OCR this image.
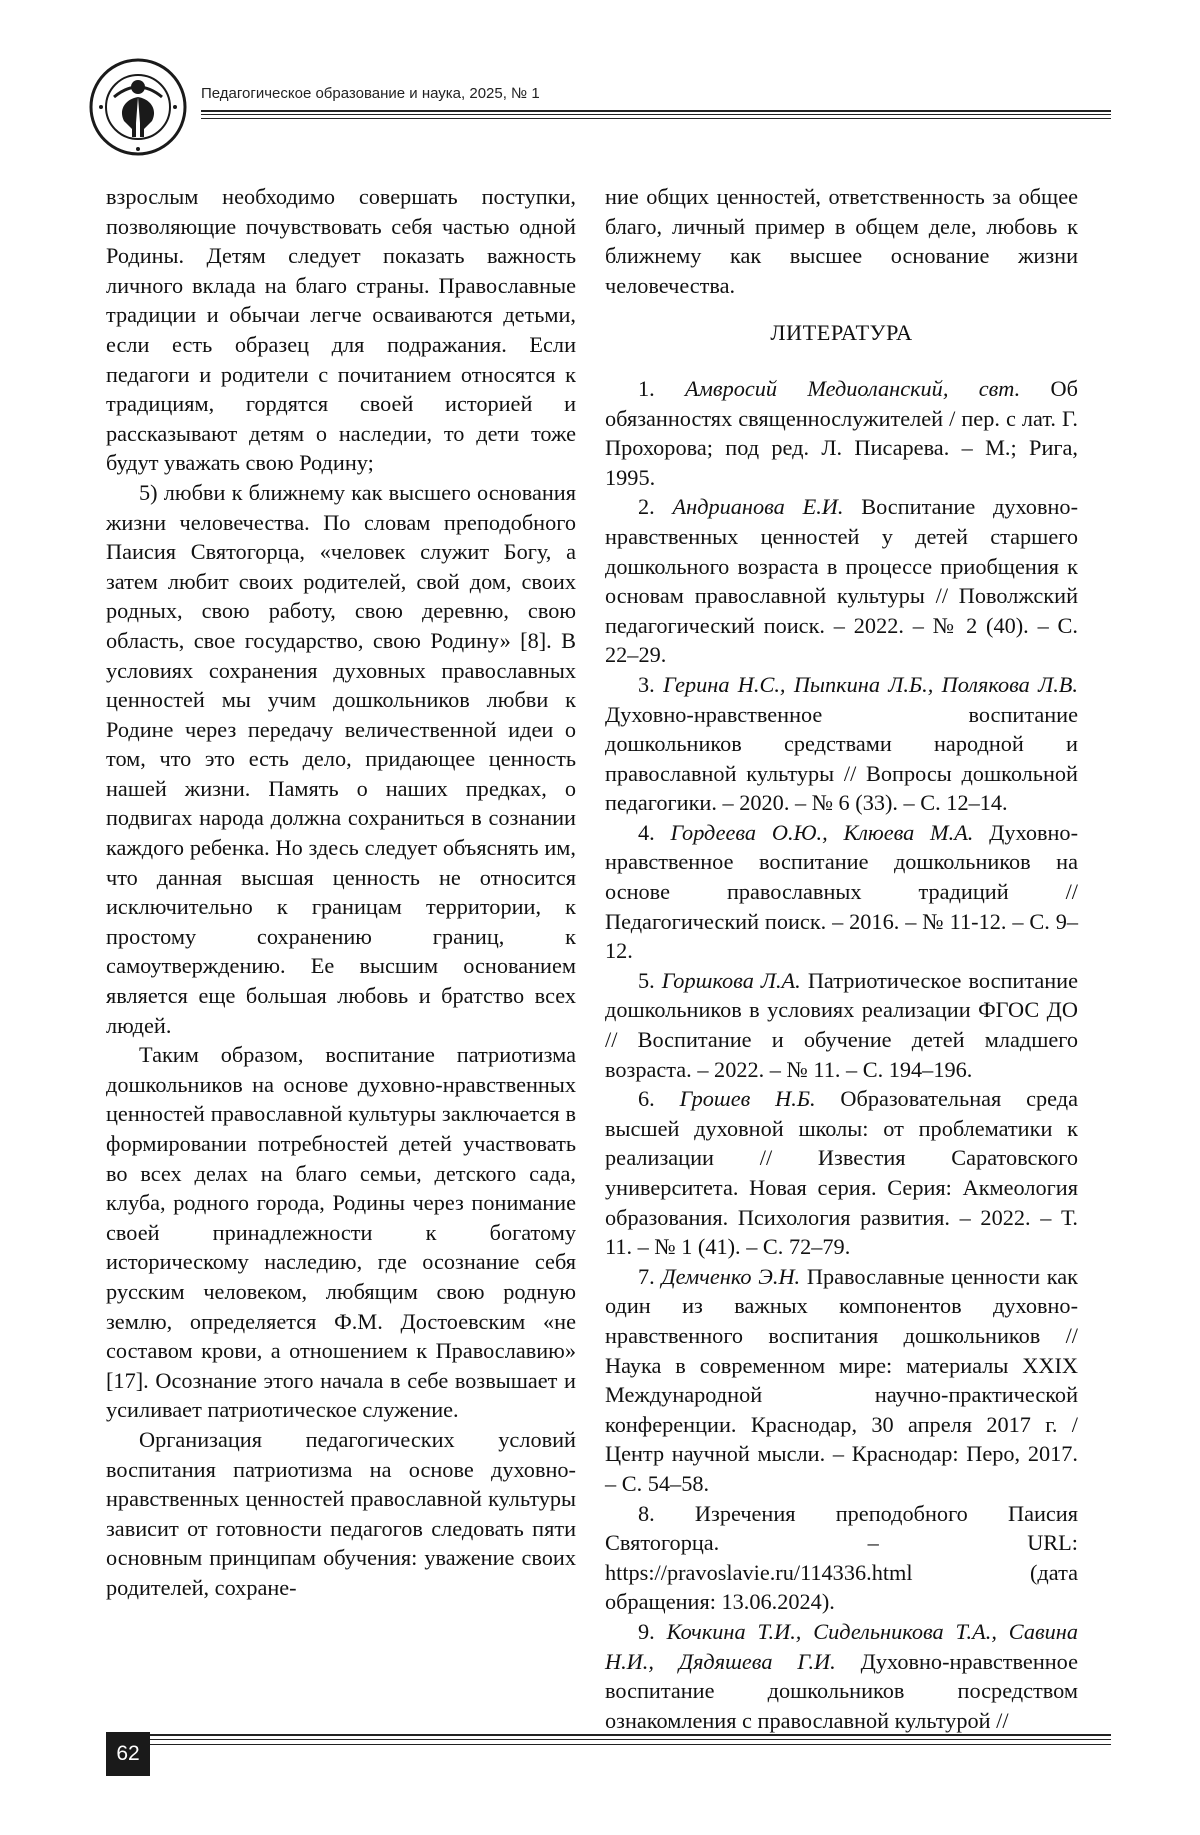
Педагогическое образование и наука, 2025, № 1

взрослым необходимо совершать поступки, позволяющие почувствовать себя частью одной Родины. Детям следует показать важность личного вклада на благо страны. Православные традиции и обычаи легче осваиваются детьми, если есть образец для подражания. Если педагоги и родители с почитанием относятся к традициям, гордятся своей историей и рассказывают детям о наследии, то дети тоже будут уважать свою Родину;

5) любви к ближнему как высшего основания жизни человечества. По словам преподобного Паисия Святогорца, «человек служит Богу, а затем любит своих родителей, свой дом, своих родных, свою работу, свою деревню, свою область, свое государство, свою Родину» [8]. В условиях сохранения духовных православных ценностей мы учим дошкольников любви к Родине через передачу величественной идеи о том, что это есть дело, придающее ценность нашей жизни. Память о наших предках, о подвигах народа должна сохраниться в сознании каждого ребенка. Но здесь следует объяснять им, что данная высшая ценность не относится исключительно к границам территории, к простому сохранению границ, к самоутверждению. Ее высшим основанием является еще большая любовь и братство всех людей.

Таким образом, воспитание патриотизма дошкольников на основе духовно-нравственных ценностей православной культуры заключается в формировании потребностей детей участвовать во всех делах на благо семьи, детского сада, клуба, родного города, Родины через понимание своей принадлежности к богатому историческому наследию, где осознание себя русским человеком, любящим свою родную землю, определяется Ф.М. Достоевским «не составом крови, а отношением к Православию» [17]. Осознание этого начала в себе возвышает и усиливает патриотическое служение.

Организация педагогических условий воспитания патриотизма на основе духовно-нравственных ценностей православной культуры зависит от готовности педагогов следовать пяти основным принципам обучения: уважение своих родителей, сохране-

ние общих ценностей, ответственность за общее благо, личный пример в общем деле, любовь к ближнему как высшее основание жизни человечества.

ЛИТЕРАТУРА

1. Амвросий Медиоланский, свт. Об обязанностях священнослужителей / пер. с лат. Г. Прохорова; под ред. Л. Писарева. – М.; Рига, 1995.

2. Андрианова Е.И. Воспитание духовно-нравственных ценностей у детей старшего дошкольного возраста в процессе приобщения к основам православной культуры // Поволжский педагогический поиск. – 2022. – № 2 (40). – С. 22–29.

3. Герина Н.С., Пыпкина Л.Б., Полякова Л.В. Духовно-нравственное воспитание дошкольников средствами народной и православной культуры // Вопросы дошкольной педагогики. – 2020. – № 6 (33). – С. 12–14.

4. Гордеева О.Ю., Клюева М.А. Духовно-нравственное воспитание дошкольников на основе православных традиций // Педагогический поиск. – 2016. – № 11-12. – С. 9–12.

5. Горшкова Л.А. Патриотическое воспитание дошкольников в условиях реализации ФГОС ДО // Воспитание и обучение детей младшего возраста. – 2022. – № 11. – С. 194–196.

6. Грошев Н.Б. Образовательная среда высшей духовной школы: от проблематики к реализации // Известия Саратовского университета. Новая серия. Серия: Акмеология образования. Психология развития. – 2022. – Т. 11. – № 1 (41). – С. 72–79.

7. Демченко Э.Н. Православные ценности как один из важных компонентов духовно-нравственного воспитания дошкольников // Наука в современном мире: материалы XXIX Международной научно-практической конференции. Краснодар, 30 апреля 2017 г. / Центр научной мысли. – Краснодар: Перо, 2017. – С. 54–58.

8. Изречения преподобного Паисия Святогорца. – URL: https://pravoslavie.ru/114336.html (дата обращения: 13.06.2024).

9. Кочкина Т.И., Сидельникова Т.А., Савина Н.И., Дядяшева Г.И. Духовно-нравственное воспитание дошкольников посредством ознакомления с православной культурой //

62
